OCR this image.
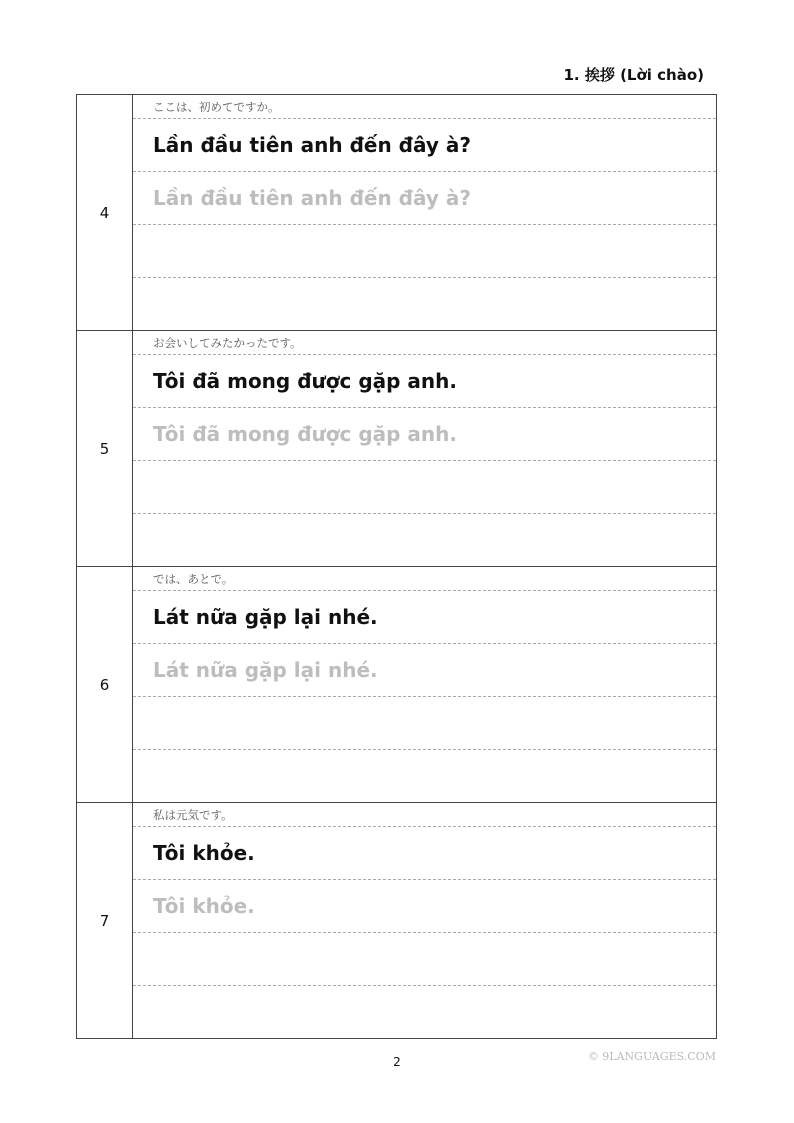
1. 挨拶 (Lời chào)
4
ここは、初めてですか。
Lần đầu tiên anh đến đây à?
Lần đầu tiên anh đến đây à?
5
お会いしてみたかったです。
Tôi đã mong được gặp anh.
Tôi đã mong được gặp anh.
6
では、あとで。
Lát nữa gặp lại nhé.
Lát nữa gặp lại nhé.
7
私は元気です。
Tôi khỏe.
Tôi khỏe.
2	© 9LANGUAGES.COM
